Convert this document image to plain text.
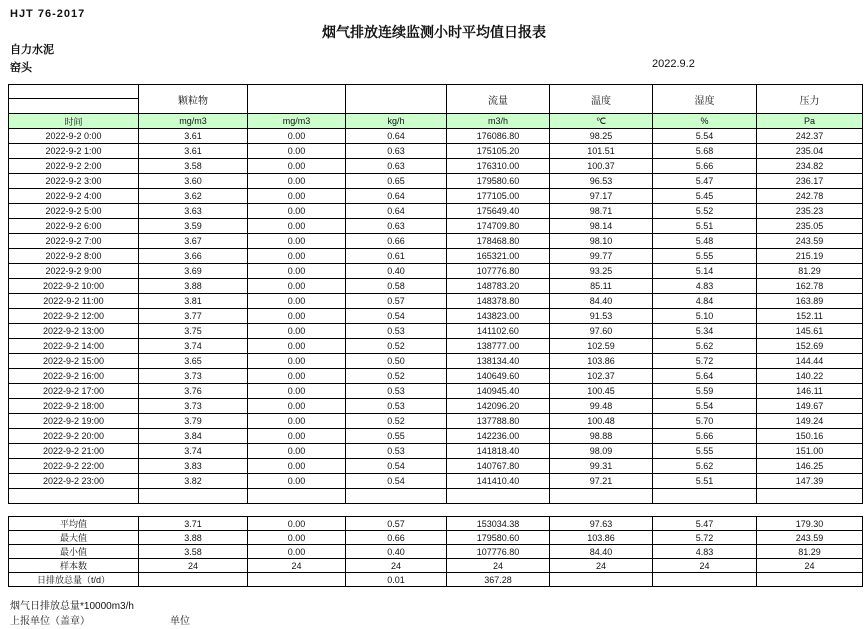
HJT 76-2017
烟气排放连续监测小时平均值日报表
自力水泥
窑头	2022.9.2
	颗粒物			流量	温度	湿度	压力
时间	mg/m3	mg/m3	kg/h	m3/h	℃	%	Pa
2022-9-2 0:00	3.61	0.00	0.64	176086.80	98.25	5.54	242.37
2022-9-2 1:00	3.61	0.00	0.63	175105.20	101.51	5.68	235.04
2022-9-2 2:00	3.58	0.00	0.63	176310.00	100.37	5.66	234.82
2022-9-2 3:00	3.60	0.00	0.65	179580.60	96.53	5.47	236.17
2022-9-2 4:00	3.62	0.00	0.64	177105.00	97.17	5.45	242.78
2022-9-2 5:00	3.63	0.00	0.64	175649.40	98.71	5.52	235.23
2022-9-2 6:00	3.59	0.00	0.63	174709.80	98.14	5.51	235.05
2022-9-2 7:00	3.67	0.00	0.66	178468.80	98.10	5.48	243.59
2022-9-2 8:00	3.66	0.00	0.61	165321.00	99.77	5.55	215.19
2022-9-2 9:00	3.69	0.00	0.40	107776.80	93.25	5.14	81.29
2022-9-2 10:00	3.88	0.00	0.58	148783.20	85.11	4.83	162.78
2022-9-2 11:00	3.81	0.00	0.57	148378.80	84.40	4.84	163.89
2022-9-2 12:00	3.77	0.00	0.54	143823.00	91.53	5.10	152.11
2022-9-2 13:00	3.75	0.00	0.53	141102.60	97.60	5.34	145.61
2022-9-2 14:00	3.74	0.00	0.52	138777.00	102.59	5.62	152.69
2022-9-2 15:00	3.65	0.00	0.50	138134.40	103.86	5.72	144.44
2022-9-2 16:00	3.73	0.00	0.52	140649.60	102.37	5.64	140.22
2022-9-2 17:00	3.76	0.00	0.53	140945.40	100.45	5.59	146.11
2022-9-2 18:00	3.73	0.00	0.53	142096.20	99.48	5.54	149.67
2022-9-2 19:00	3.79	0.00	0.52	137788.80	100.48	5.70	149.24
2022-9-2 20:00	3.84	0.00	0.55	142236.00	98.88	5.66	150.16
2022-9-2 21:00	3.74	0.00	0.53	141818.40	98.09	5.55	151.00
2022-9-2 22:00	3.83	0.00	0.54	140767.80	99.31	5.62	146.25
2022-9-2 23:00	3.82	0.00	0.54	141410.40	97.21	5.51	147.39

平均值	3.71	0.00	0.57	153034.38	97.63	5.47	179.30
最大值	3.88	0.00	0.66	179580.60	103.86	5.72	243.59
最小值	3.58	0.00	0.40	107776.80	84.40	4.83	81.29
样本数	24	24	24	24	24	24	24
日排放总量（t/d）			0.01	367.28			
烟气日排放总量*10000m3/h
上报单位（盖章）	单位
